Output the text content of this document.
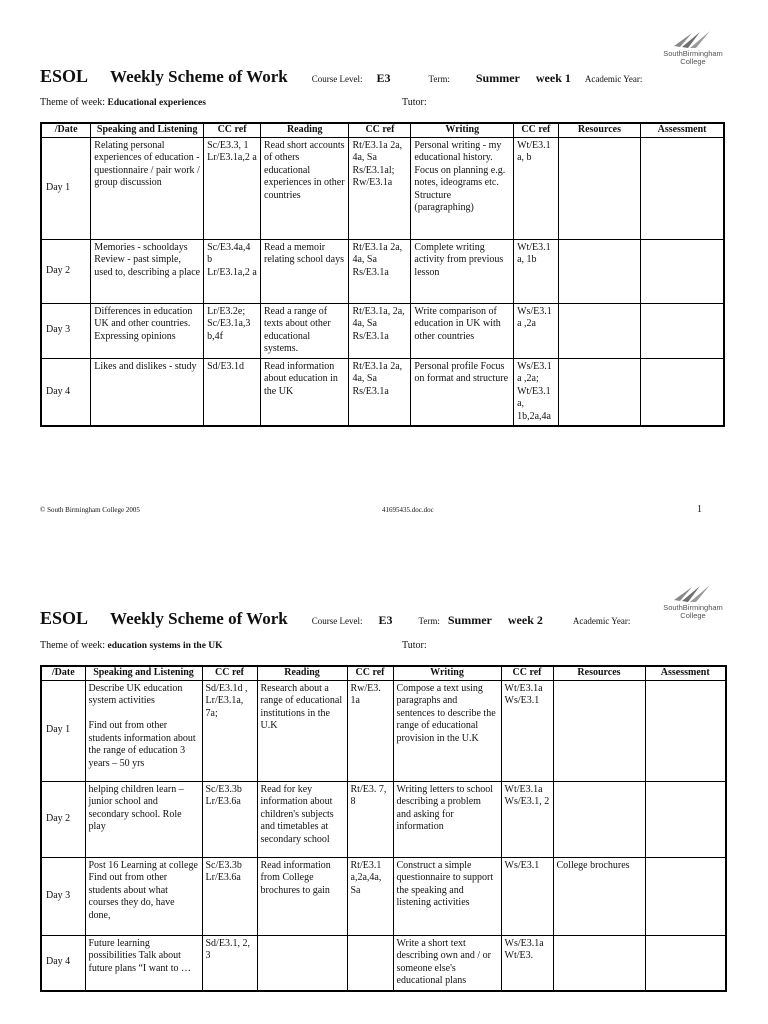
SouthBirmingham
College
ESOL Weekly Scheme of Work	Course Level: E3	Term: Summer week 1 Academic Year:
Theme of week: Educational experiences	Tutor:
/Date	Speaking and Listening	CC ref	Reading	CC ref	Writing	CC ref	Resources	Assessment
Day 1	Relating personal experiences of education - questionnaire / pair work / group discussion	Sc/E3.3, 1 Lr/E3.1a,2 a	Read short accounts of others educational experiences in other countries	Rt/E3.1a 2a, 4a, Sa Rs/E3.1al; Rw/E3.1a	Personal writing - my educational history. Focus on planning e.g. notes, ideograms etc. Structure (paragraphing)	Wt/E3.1a, b		
Day 2	Memories - schooldays Review - past simple, used to, describing a place	Sc/E3.4a,4 b Lr/E3.1a,2 a	Read a memoir relating school days	Rt/E3.1a 2a, 4a, Sa Rs/E3.1a	Complete writing activity from previous lesson	Wt/E3.1a, 1b		
Day 3	Differences in education UK and other countries. Expressing opinions	Lr/E3.2e; Sc/E3.1a,3 b,4f	Read a range of texts about other educational systems.	Rt/E3.1a, 2a, 4a, Sa Rs/E3.1a	Write comparison of education in UK with other countries	Ws/E3.1a ,2a		
Day 4	Likes and dislikes - study	Sd/E3.1d	Read information about education in the UK	Rt/E3.1a 2a, 4a, Sa Rs/E3.1a	Personal profile Focus on format and structure	Ws/E3.1a ,2a; Wt/E3.1a, 1b,2a,4a		
© South Birmingham College 2005	41695435.doc.doc	1
SouthBirmingham
College
ESOL Weekly Scheme of Work	Course Level: E3	Term: Summer week 2	Academic Year:
Theme of week: education systems in the UK	Tutor:
/Date	Speaking and Listening	CC ref	Reading	CC ref	Writing	CC ref	Resources	Assessment
Day 1	Describe UK education system activities

Find out from other students information about the range of education 3 years – 50 yrs	Sd/E3.1d , Lr/E3.1a, 7a;	Research about a range of educational institutions in the U.K	Rw/E3. 1a	Compose a text using paragraphs and sentences to describe the range of educational provision in the U.K	Wt/E3.1a Ws/E3.1		
Day 2	helping children learn – junior school and secondary school. Role play	Sc/E3.3b Lr/E3.6a	Read for key information about children's subjects and timetables at secondary school	Rt/E3. 7, 8	Writing letters to school describing a problem and asking for information	Wt/E3.1a Ws/E3.1, 2		
Day 3	Post 16 Learning at college Find out from other students about what courses they do, have done,	Sc/E3.3b Lr/E3.6a	Read information from College brochures to gain	Rt/E3.1 a,2a,4a, Sa	Construct a simple questionnaire to support the speaking and listening activities	Ws/E3.1	College brochures	
Day 4	Future learning possibilities Talk about future plans “I want to …	Sd/E3.1, 2, 3			Write a short text describing own and / or someone else's educational plans	Ws/E3.1a Wt/E3.		
